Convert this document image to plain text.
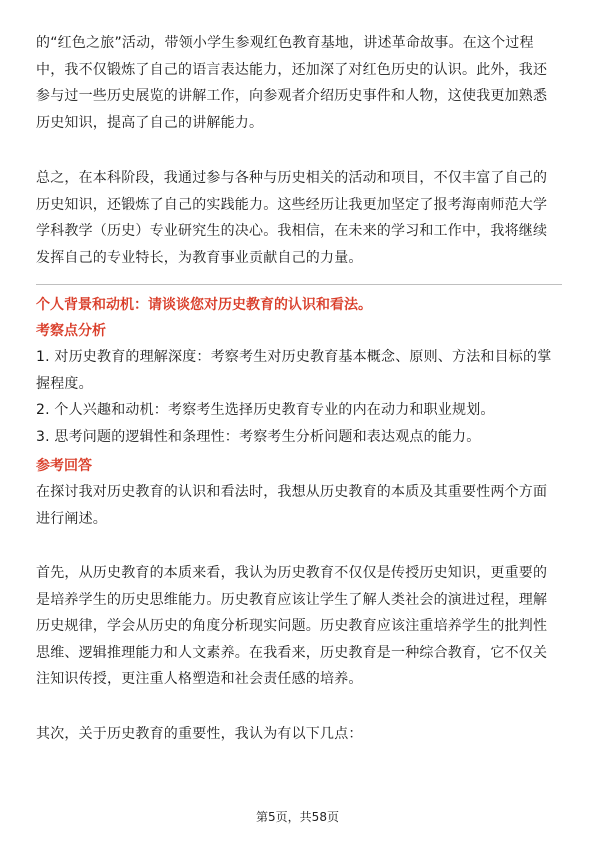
的“红色之旅”活动，带领小学生参观红色教育基地，讲述革命故事。在这个过程

中，我不仅锻炼了自己的语言表达能力，还加深了对红色历史的认识。此外，我还

参与过一些历史展览的讲解工作，向参观者介绍历史事件和人物，这使我更加熟悉

历史知识，提高了自己的讲解能力。

总之，在本科阶段，我通过参与各种与历史相关的活动和项目，不仅丰富了自己的

历史知识，还锻炼了自己的实践能力。这些经历让我更加坚定了报考海南师范大学

学科教学（历史）专业研究生的决心。我相信，在未来的学习和工作中，我将继续

发挥自己的专业特长，为教育事业贡献自己的力量。

个人背景和动机：请谈谈您对历史教育的认识和看法。
考察点分析

1. 对历史教育的理解深度：考察考生对历史教育基本概念、原则、方法和目标的掌

握程度。

2. 个人兴趣和动机：考察考生选择历史教育专业的内在动力和职业规划。

3. 思考问题的逻辑性和条理性：考察考生分析问题和表达观点的能力。

参考回答

在探讨我对历史教育的认识和看法时，我想从历史教育的本质及其重要性两个方面

进行阐述。

首先，从历史教育的本质来看，我认为历史教育不仅仅是传授历史知识，更重要的

是培养学生的历史思维能力。历史教育应该让学生了解人类社会的演进过程，理解

历史规律，学会从历史的角度分析现实问题。历史教育应该注重培养学生的批判性

思维、逻辑推理能力和人文素养。在我看来，历史教育是一种综合教育，它不仅关

注知识传授，更注重人格塑造和社会责任感的培养。

其次，关于历史教育的重要性，我认为有以下几点：

第5页，共58页
